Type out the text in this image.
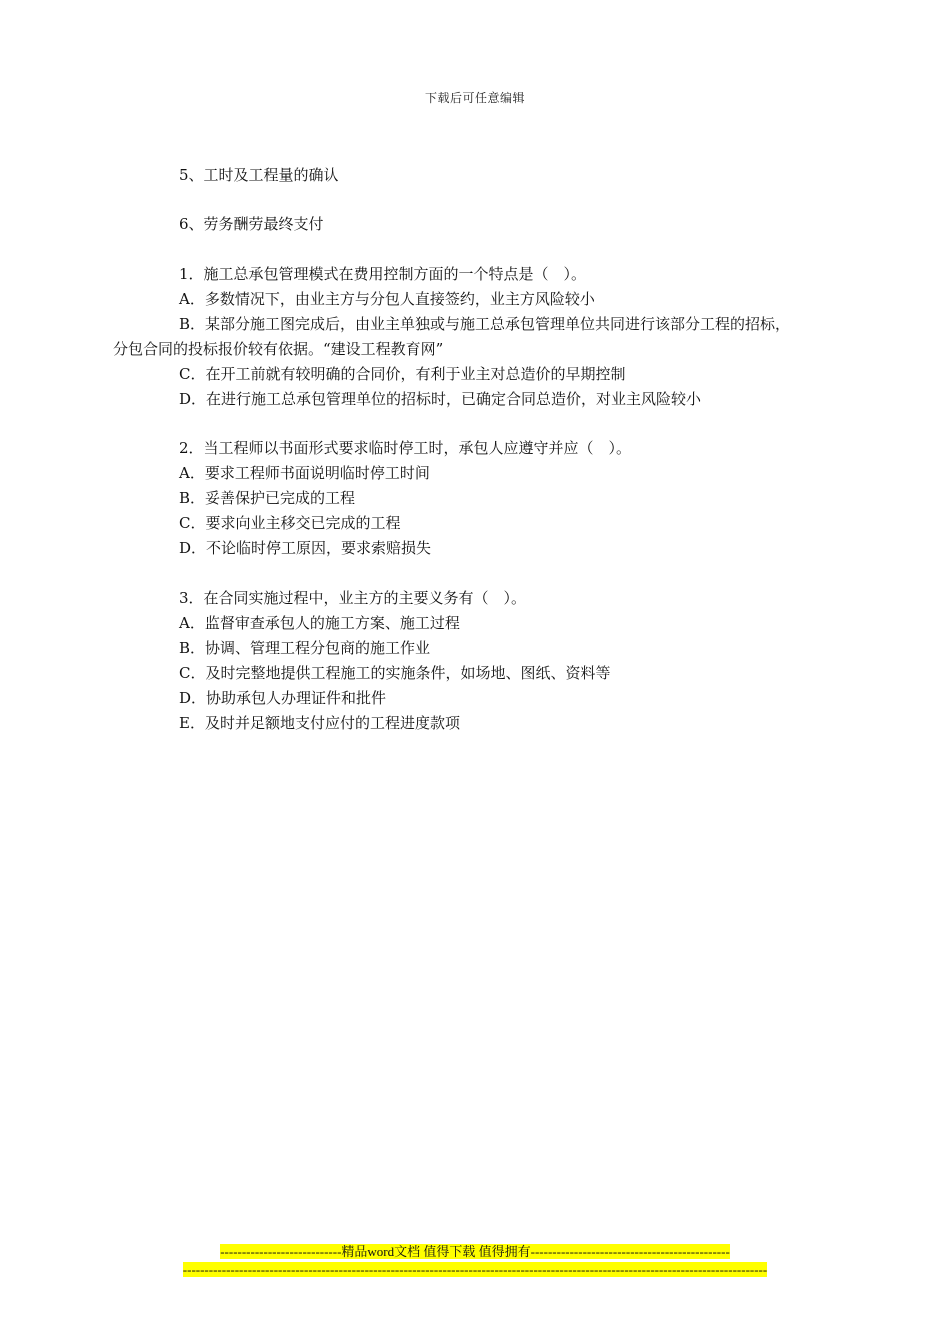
下载后可任意编辑
5、工时及工程量的确认
6、劳务酬劳最终支付
1．施工总承包管理模式在费用控制方面的一个特点是（　）。
A．多数情况下，由业主方与分包人直接签约，业主方风险较小
B．某部分施工图完成后，由业主单独或与施工总承包管理单位共同进行该部分工程的招标，
分包合同的投标报价较有依据。“建设工程教育网”
C．在开工前就有较明确的合同价，有利于业主对总造价的早期控制
D．在进行施工总承包管理单位的招标时，已确定合同总造价，对业主风险较小
2．当工程师以书面形式要求临时停工时，承包人应遵守并应（　）。
A．要求工程师书面说明临时停工时间
B．妥善保护已完成的工程
C．要求向业主移交已完成的工程
D．不论临时停工原因，要求索赔损失
3．在合同实施过程中，业主方的主要义务有（　）。
A．监督审查承包人的施工方案、施工过程
B．协调、管理工程分包商的施工作业
C．及时完整地提供工程施工的实施条件，如场地、图纸、资料等
D．协助承包人办理证件和批件
E．及时并足额地支付应付的工程进度款项
----------------------------精品word文档 值得下载 值得拥有----------------------------------------------
---------------------------------------------------------------------------------------------------------------------------------------
